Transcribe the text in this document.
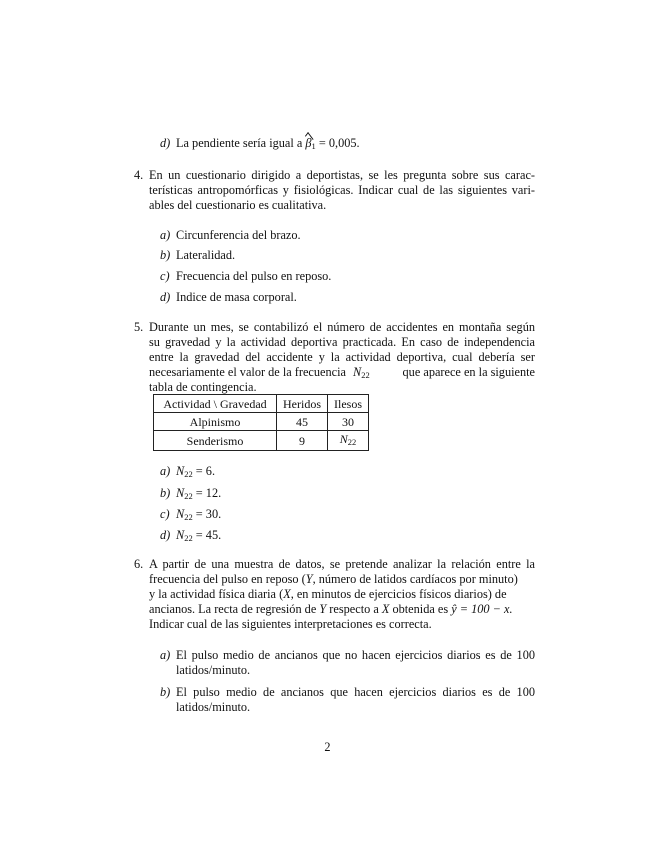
d) La pendiente sería igual a $\beta_1 = 0,005$.
4. En un cuestionario dirigido a deportistas, se les pregunta sobre sus carac-
terísticas antropomórficas y fisiológicas. Indicar cual de las siguientes vari-
ables del cuestionario es cualitativa.
a) Circunferencia del brazo.
b) Lateralidad.
c) Frecuencia del pulso en reposo.
d) Indice de masa corporal.
5. Durante un mes, se contabilizó el número de accidentes en montaña según
su gravedad y la actividad deportiva practicada. En caso de independencia
entre la gravedad del accidente y la actividad deportiva, cual debería ser
necesariamente el valor de la frecuencia $N_{22}$	que aparece en la siguiente
tabla de contingencia.
Actividad \ Gravedad	Heridos	Ilesos
Alpinismo	45	30
Senderismo	9	$N_{22}$
a) $N_{22} = 6$.
b) $N_{22} = 12$.
c) $N_{22} = 30$.
d) $N_{22} = 45$.
6. A partir de una muestra de datos, se pretende analizar la relación entre la
frecuencia del pulso en reposo (Y, número de latidos cardíacos por minuto)
y la actividad física diaria (X, en minutos de ejercicios físicos diarios) de
ancianos. La recta de regresión de Y respecto a X obtenida es ŷ = 100 − x.
Indicar cual de las siguientes interpretaciones es correcta.
a) El pulso medio de ancianos que no hacen ejercicios diarios es de 100
latidos/minuto.
b) El pulso medio de ancianos que hacen ejercicios diarios es de 100
latidos/minuto.
2
